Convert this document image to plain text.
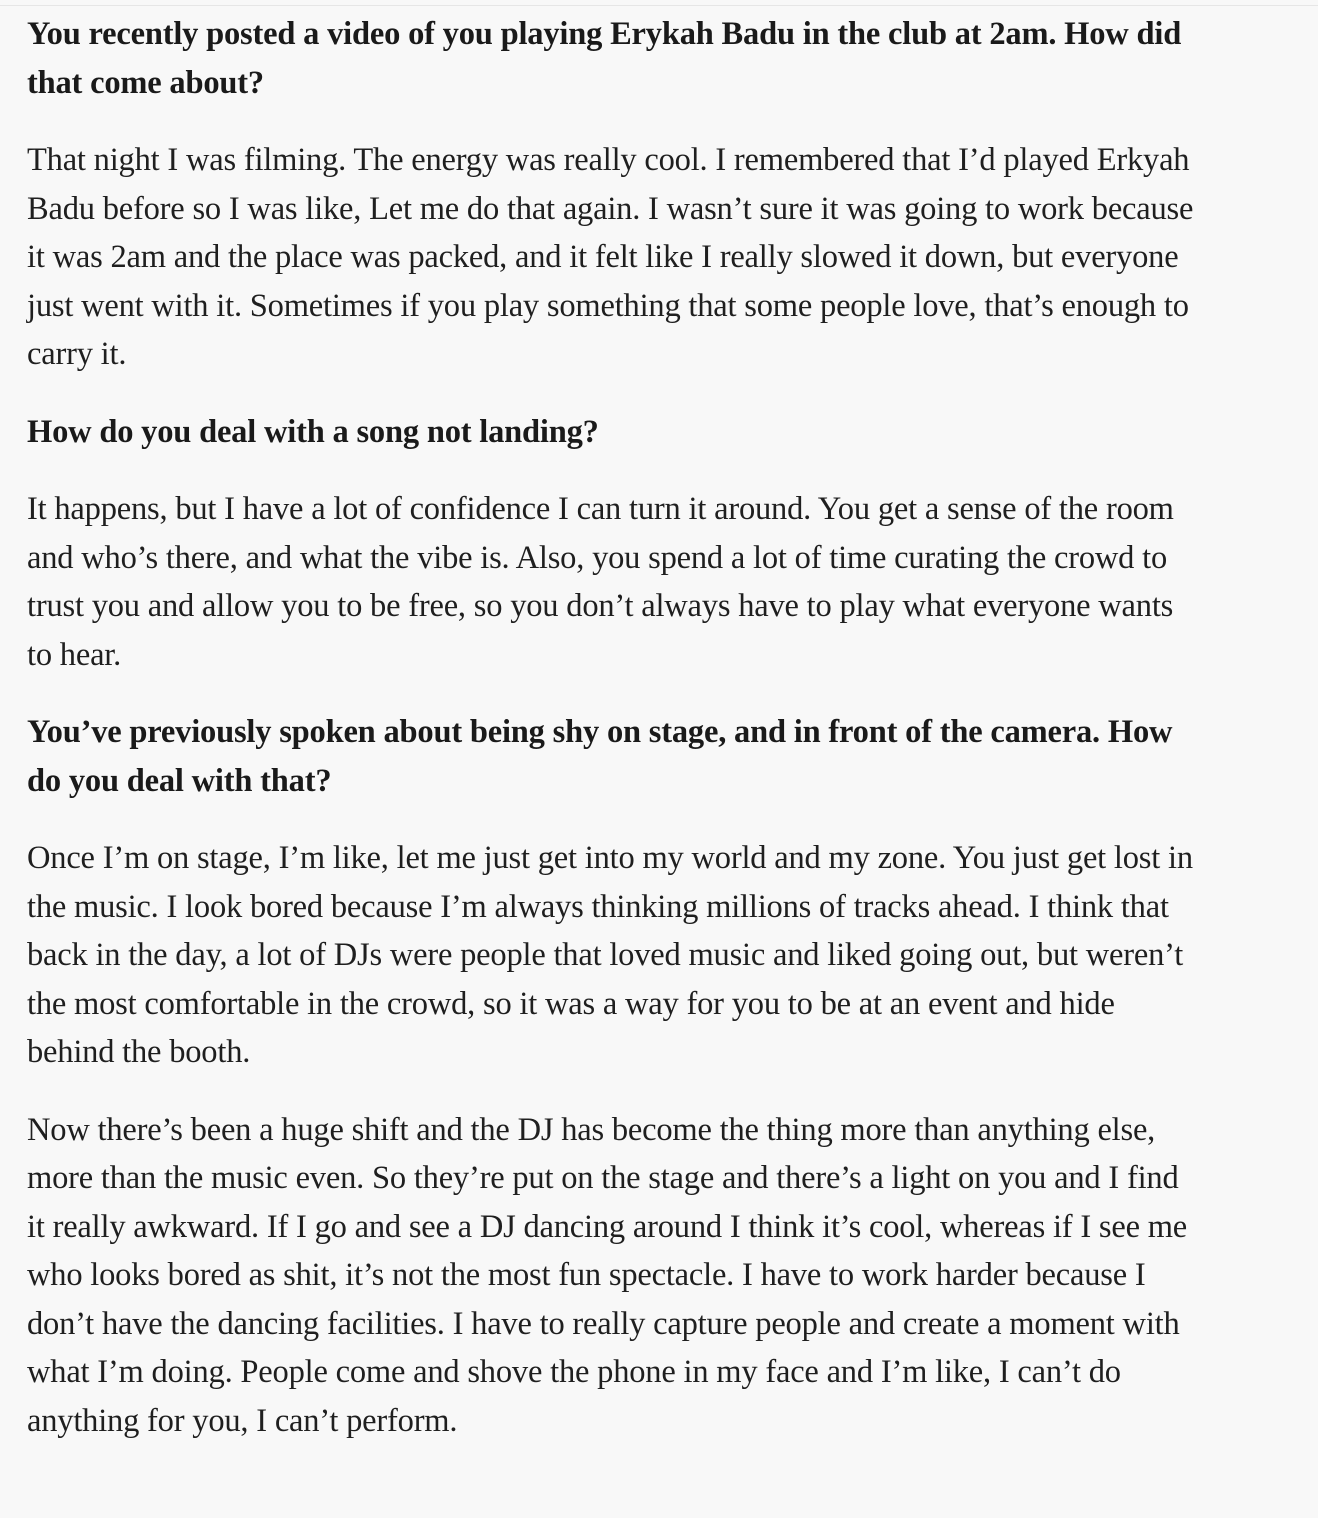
You recently posted a video of you playing Erykah Badu in the club at 2am. How did that come about?

That night I was filming. The energy was really cool. I remembered that I’d played Erkyah Badu before so I was like, Let me do that again. I wasn’t sure it was going to work because it was 2am and the place was packed, and it felt like I really slowed it down, but everyone just went with it. Sometimes if you play something that some people love, that’s enough to carry it.

How do you deal with a song not landing?

It happens, but I have a lot of confidence I can turn it around. You get a sense of the room and who’s there, and what the vibe is. Also, you spend a lot of time curating the crowd to trust you and allow you to be free, so you don’t always have to play what everyone wants to hear.

You’ve previously spoken about being shy on stage, and in front of the camera. How do you deal with that?

Once I’m on stage, I’m like, let me just get into my world and my zone. You just get lost in the music. I look bored because I’m always thinking millions of tracks ahead. I think that back in the day, a lot of DJs were people that loved music and liked going out, but weren’t the most comfortable in the crowd, so it was a way for you to be at an event and hide behind the booth.

Now there’s been a huge shift and the DJ has become the thing more than anything else, more than the music even. So they’re put on the stage and there’s a light on you and I find it really awkward. If I go and see a DJ dancing around I think it’s cool, whereas if I see me who looks bored as shit, it’s not the most fun spectacle. I have to work harder because I don’t have the dancing facilities. I have to really capture people and create a moment with what I’m doing. People come and shove the phone in my face and I’m like, I can’t do anything for you, I can’t perform.
